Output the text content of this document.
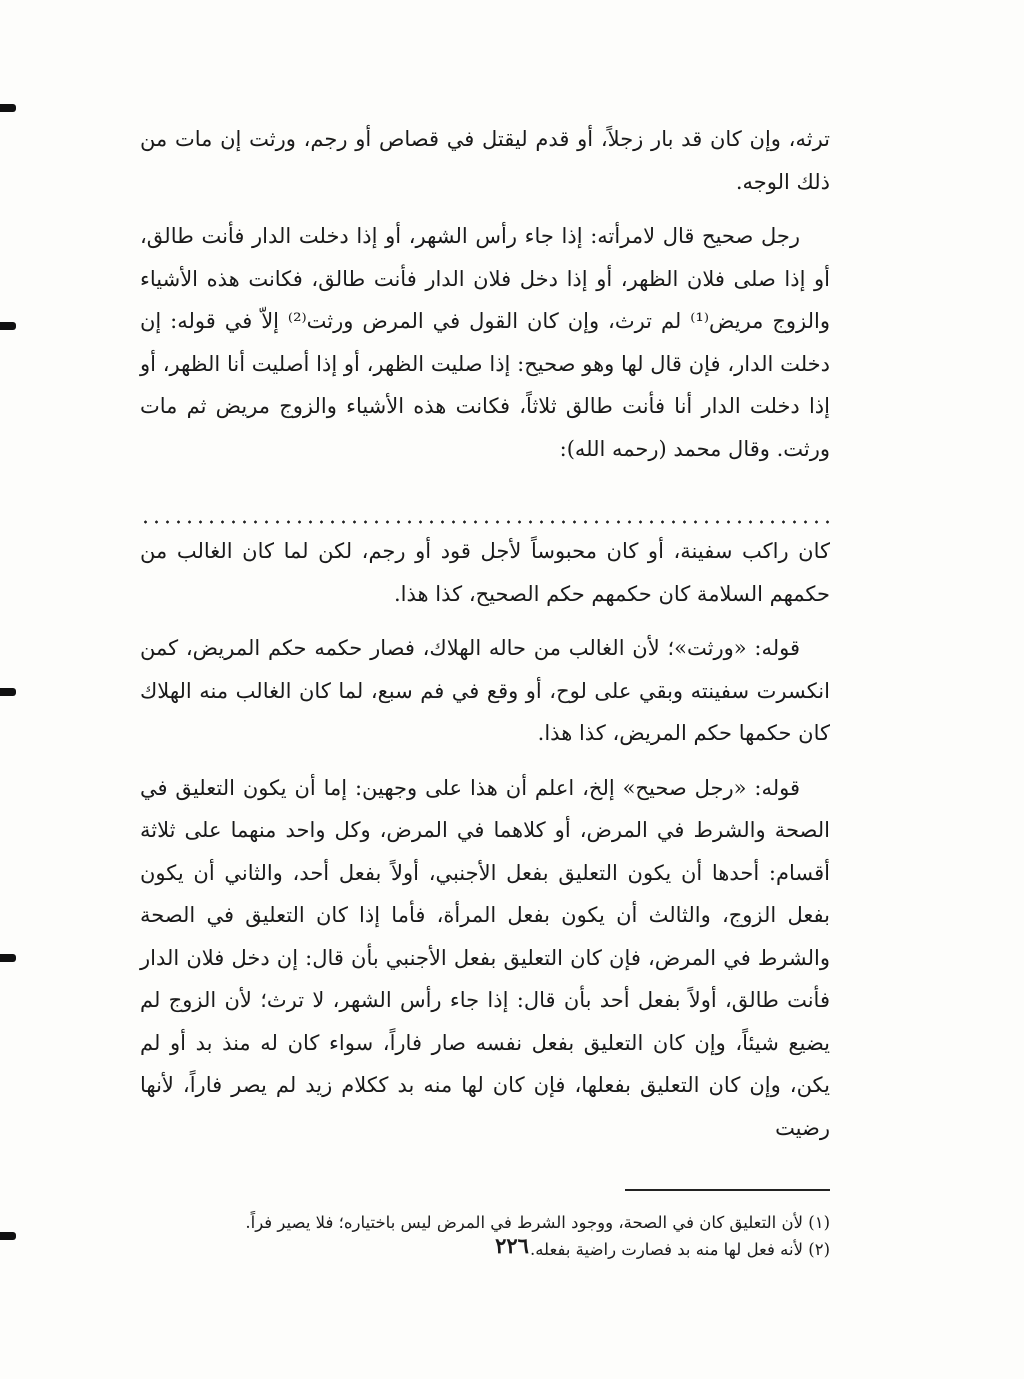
ترثه، وإن كان قد بار زجلاً، أو قدم ليقتل في قصاص أو رجم، ورثت إن مات من ذلك الوجه.

رجل صحيح قال لامرأته: إذا جاء رأس الشهر، أو إذا دخلت الدار فأنت طالق، أو إذا صلى فلان الظهر، أو إذا دخل فلان الدار فأنت طالق، فكانت هذه الأشياء والزوج مريض⁽¹⁾ لم ترث، وإن كان القول في المرض ورثت⁽²⁾ إلاّ في قوله: إن دخلت الدار، فإن قال لها وهو صحيح: إذا صليت الظهر، أو إذا أصليت أنا الظهر، أو إذا دخلت الدار أنا فأنت طالق ثلاثاً، فكانت هذه الأشياء والزوج مريض ثم مات ورثت. وقال محمد (رحمه الله):

كان راكب سفينة، أو كان محبوساً لأجل قود أو رجم، لكن لما كان الغالب من حكمهم السلامة كان حكمهم حكم الصحيح، كذا هذا.

قوله: «ورثت»؛ لأن الغالب من حاله الهلاك، فصار حكمه حكم المريض، كمن انكسرت سفينته وبقي على لوح، أو وقع في فم سبع، لما كان الغالب منه الهلاك كان حكمها حكم المريض، كذا هذا.

قوله: «رجل صحيح» إلخ، اعلم أن هذا على وجهين: إما أن يكون التعليق في الصحة والشرط في المرض، أو كلاهما في المرض، وكل واحد منهما على ثلاثة أقسام: أحدها أن يكون التعليق بفعل الأجنبي، أولاً بفعل أحد، والثاني أن يكون بفعل الزوج، والثالث أن يكون بفعل المرأة، فأما إذا كان التعليق في الصحة والشرط في المرض، فإن كان التعليق بفعل الأجنبي بأن قال: إن دخل فلان الدار فأنت طالق، أولاً بفعل أحد بأن قال: إذا جاء رأس الشهر، لا ترث؛ لأن الزوج لم يضيع شيئاً، وإن كان التعليق بفعل نفسه صار فاراً، سواء كان له منذ بد أو لم يكن، وإن كان التعليق بفعلها، فإن كان لها منه بد ككلام زيد لم يصر فاراً، لأنها رضيت

(١) لأن التعليق كان في الصحة، ووجود الشرط في المرض ليس باختياره؛ فلا يصير فراً.

(٢) لأنه فعل لها منه بد فصارت راضية بفعله.

٢٢٦
